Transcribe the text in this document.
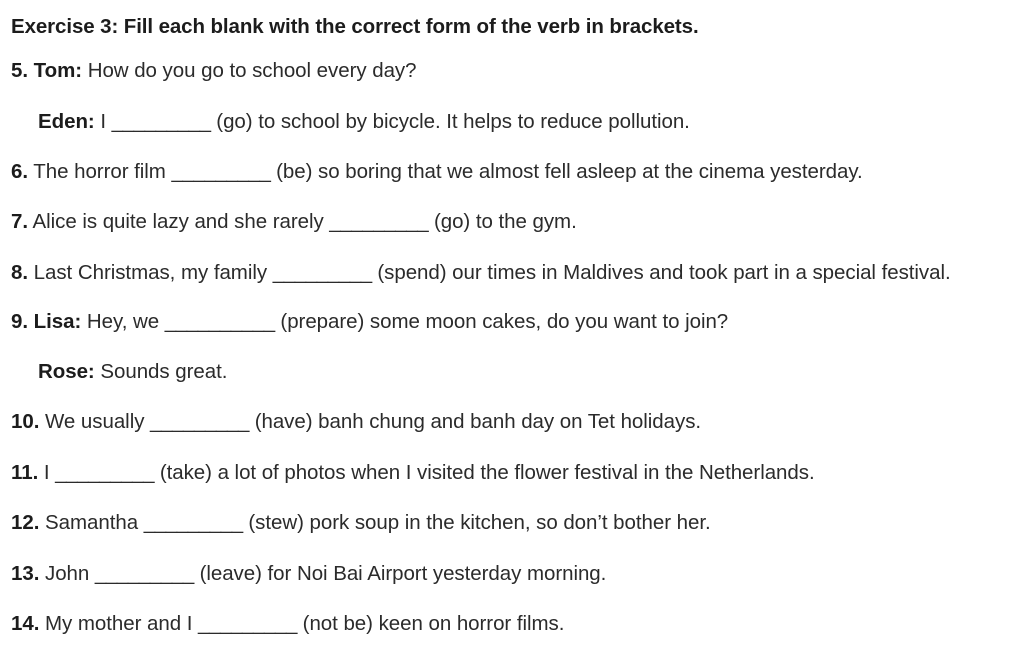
Exercise 3: Fill each blank with the correct form of the verb in brackets.

5. Tom: How do you go to school every day?

Eden: I _________ (go) to school by bicycle. It helps to reduce pollution.

6. The horror film _________ (be) so boring that we almost fell asleep at the cinema yesterday.

7. Alice is quite lazy and she rarely _________ (go) to the gym.

8. Last Christmas, my family _________ (spend) our times in Maldives and took part in a special festival.

9. Lisa: Hey, we __________ (prepare) some moon cakes, do you want to join?

Rose: Sounds great.

10. We usually _________ (have) banh chung and banh day on Tet holidays.

11. I _________ (take) a lot of photos when I visited the flower festival in the Netherlands.

12. Samantha _________ (stew) pork soup in the kitchen, so don’t bother her.

13. John _________ (leave) for Noi Bai Airport yesterday morning.

14. My mother and I _________ (not be) keen on horror films.
